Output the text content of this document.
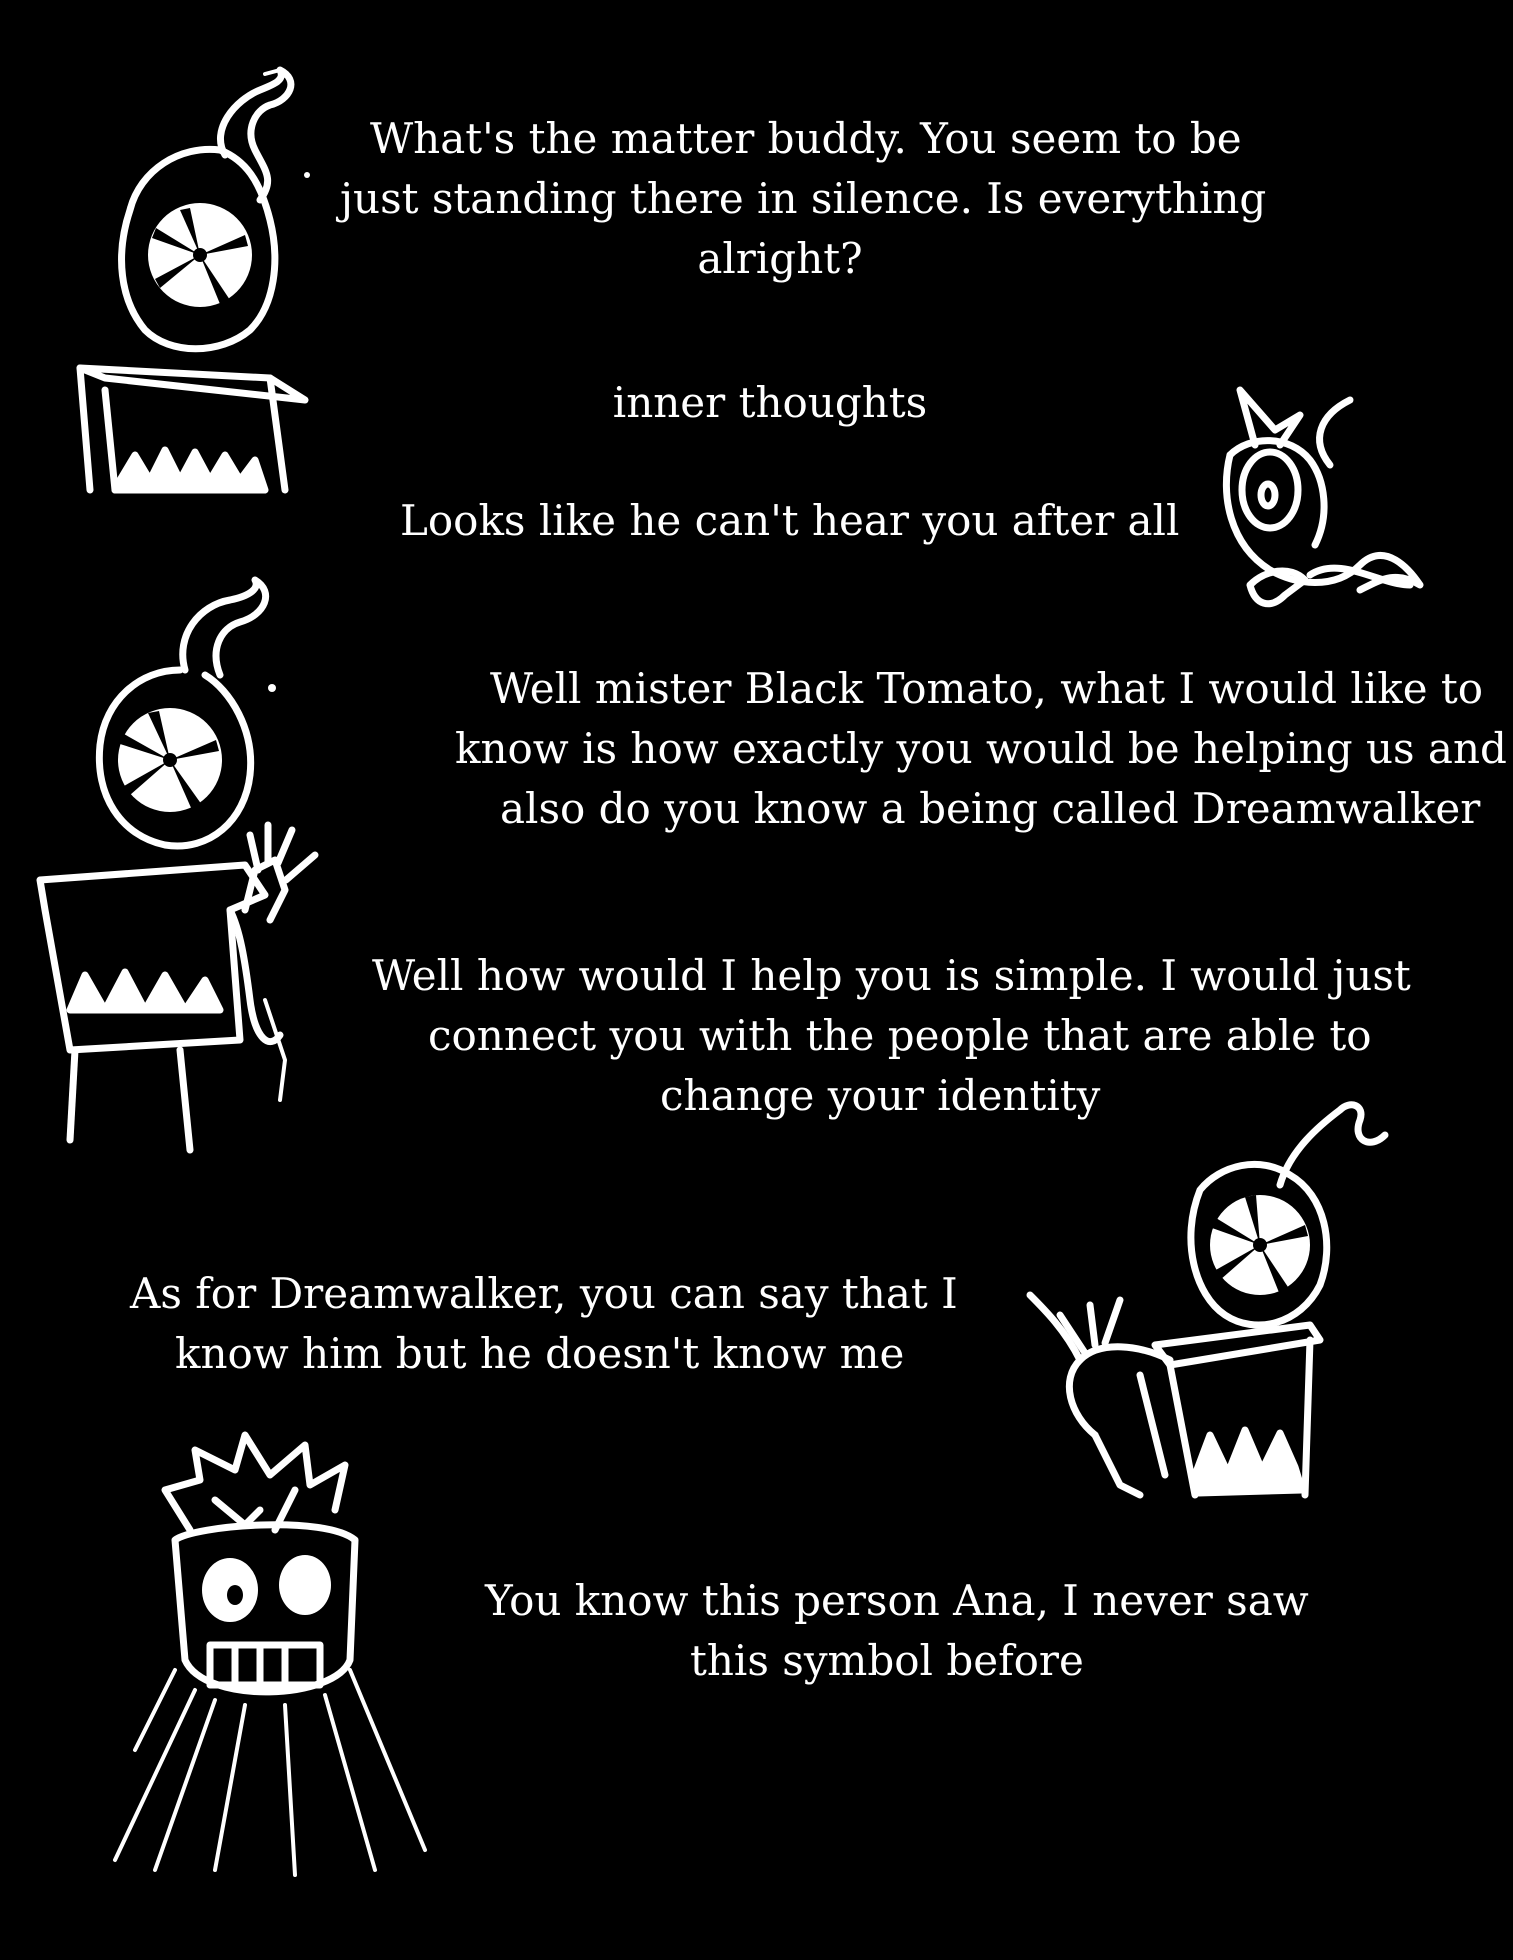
What's the matter buddy. You seem to be
just standing there in silence. Is everything
alright?
inner thoughts
Looks like he can't hear you after all
Well mister Black Tomato, what I would like to
know is how exactly you would be helping us and
also do you know a being called Dreamwalker
Well how would I help you is simple. I would just
connect you with the people that are able to
change your identity
As for Dreamwalker, you can say that I
know him but he doesn't know me
You know this person Ana, I never saw
this symbol before
